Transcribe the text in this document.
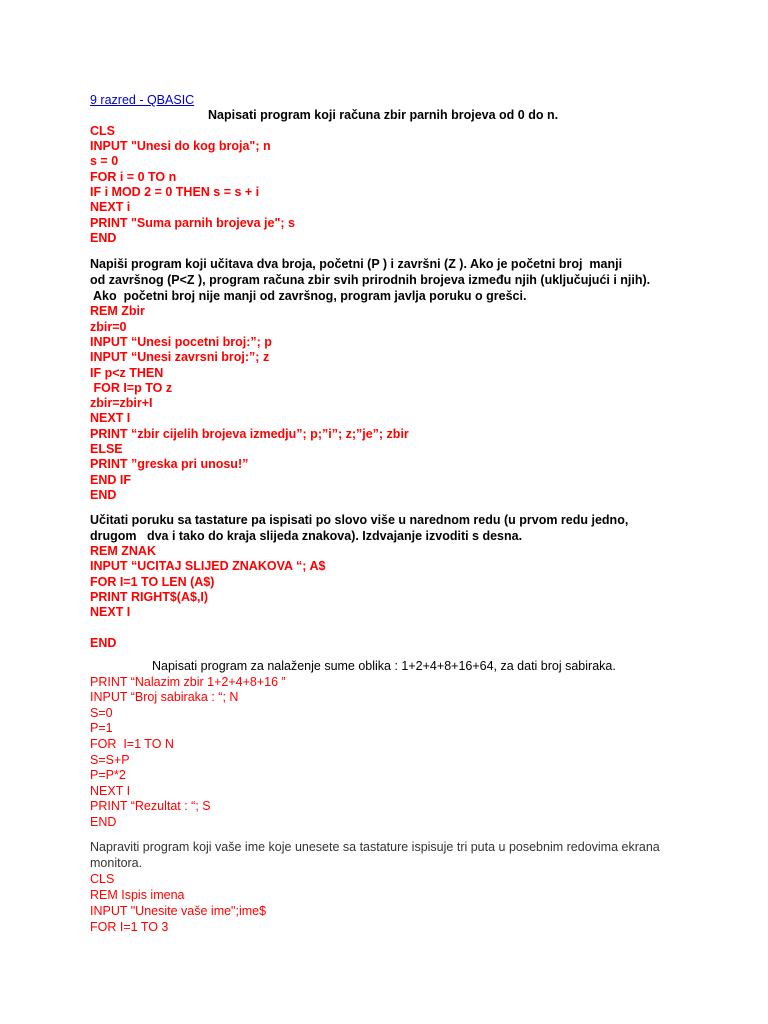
9 razred - QBASIC
Napisati program koji računa zbir parnih brojeva od 0 do n.
CLS
INPUT "Unesi do kog broja"; n
s = 0
FOR i = 0 TO n
IF i MOD 2 = 0 THEN s = s + i
NEXT i
PRINT "Suma parnih brojeva je"; s
END
Napiši program koji učitava dva broja, početni (P ) i završni (Z ). Ako je početni broj  manji
od završnog (P<Z ), program računa zbir svih prirodnih brojeva između njih (uključujući i njih).
Ako  početni broj nije manji od završnog, program javlja poruku o grešci.
REM Zbir
zbir=0
INPUT “Unesi pocetni broj:”; p
INPUT “Unesi zavrsni broj:”; z
IF p<z THEN
FOR I=p TO z
zbir=zbir+I
NEXT I
PRINT “zbir cijelih brojeva izmedju”; p;”i”; z;”je”; zbir
ELSE
PRINT ”greska pri unosu!”
END IF
END
Učitati poruku sa tastature pa ispisati po slovo više u narednom redu (u prvom redu jedno,
drugom   dva i tako do kraja slijeda znakova). Izdvajanje izvoditi s desna.
REM ZNAK
INPUT “UCITAJ SLIJED ZNAKOVA “; A$
FOR I=1 TO LEN (A$)
PRINT RIGHT$(A$,I)
NEXT I
END
Napisati program za nalaženje sume oblika : 1+2+4+8+16+64, za dati broj sabiraka.
PRINT “Nalazim zbir 1+2+4+8+16 ”
INPUT “Broj sabiraka : “; N
S=0
P=1
FOR  I=1 TO N
S=S+P
P=P*2
NEXT I
PRINT “Rezultat : “; S
END
Napraviti program koji vaše ime koje unesete sa tastature ispisuje tri puta u posebnim redovima ekrana
monitora.
CLS
REM Ispis imena
INPUT "Unesite vaše ime";ime$
FOR I=1 TO 3
